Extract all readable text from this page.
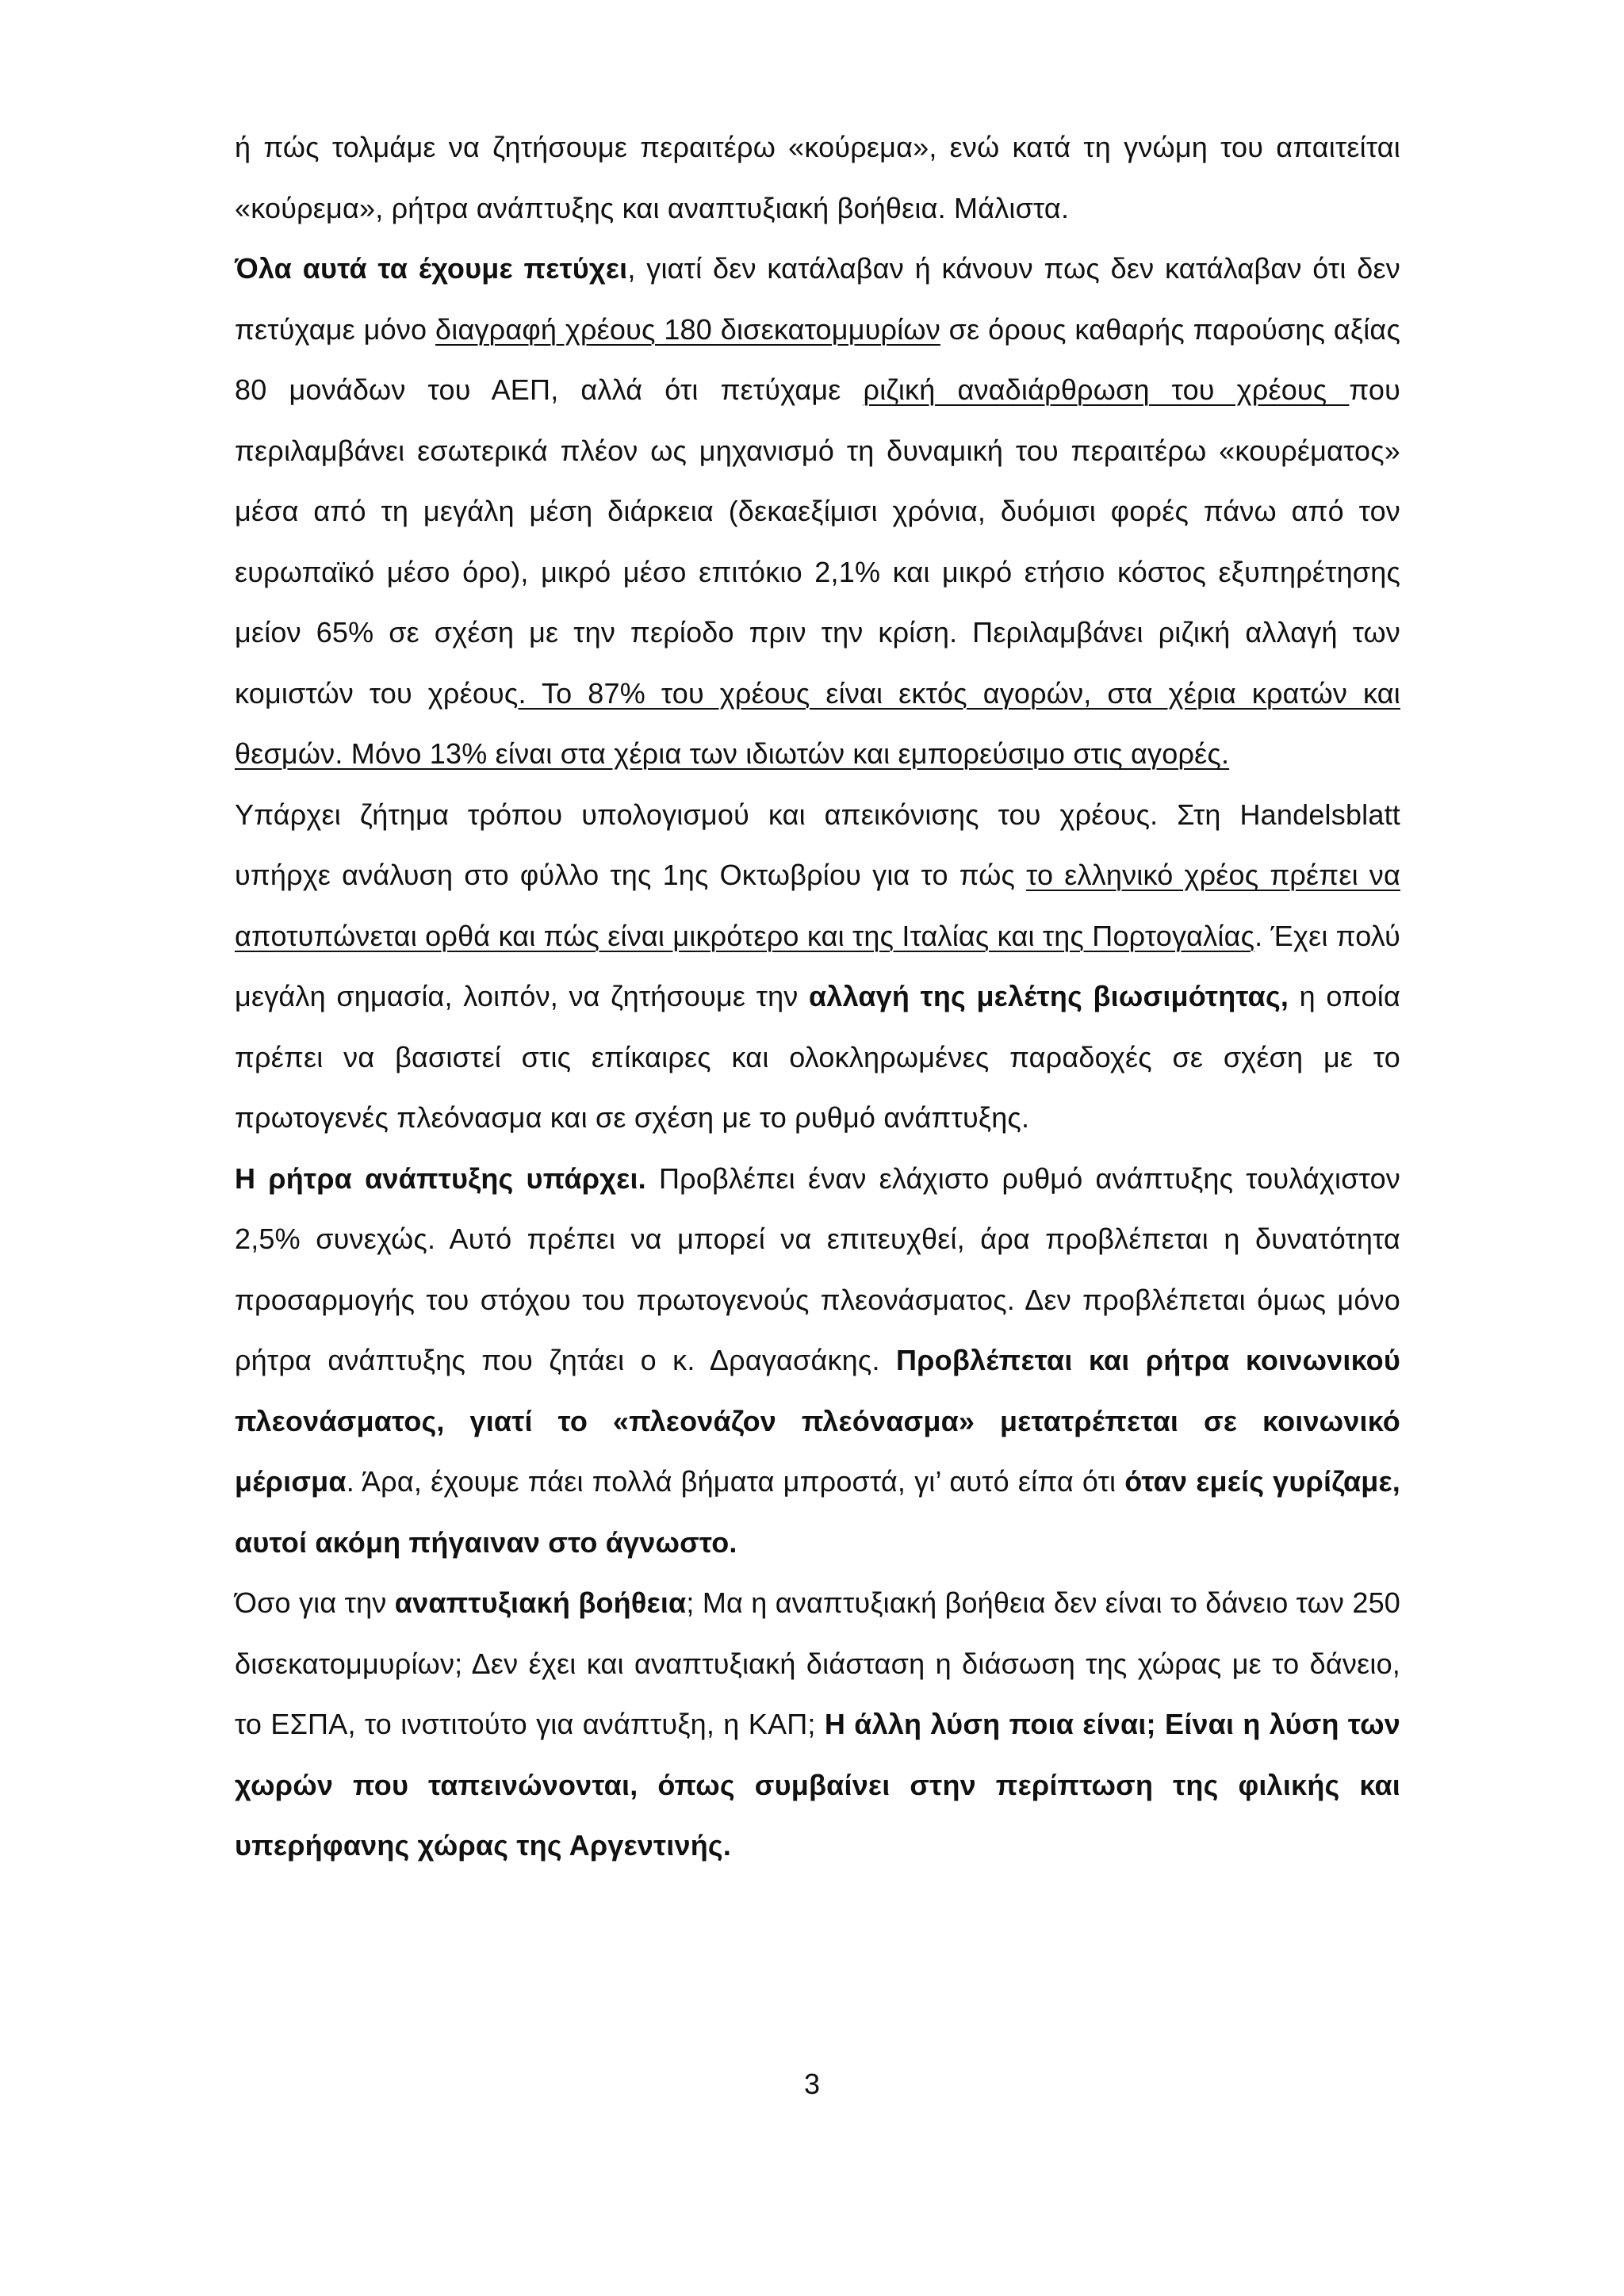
ή πώς τολμάμε να ζητήσουμε περαιτέρω «κούρεμα», ενώ κατά τη γνώμη του απαιτείται «κούρεμα», ρήτρα ανάπτυξης και αναπτυξιακή βοήθεια. Μάλιστα.

Όλα αυτά τα έχουμε πετύχει, γιατί δεν κατάλαβαν ή κάνουν πως δεν κατάλαβαν ότι δεν πετύχαμε μόνο διαγραφή χρέους 180 δισεκατομμυρίων σε όρους καθαρής παρούσης αξίας 80 μονάδων του ΑΕΠ, αλλά ότι πετύχαμε ριζική αναδιάρθρωση του χρέους που περιλαμβάνει εσωτερικά πλέον ως μηχανισμό τη δυναμική του περαιτέρω «κουρέματος» μέσα από τη μεγάλη μέση διάρκεια (δεκαεξίμισι χρόνια, δυόμισι φορές πάνω από τον ευρωπαϊκό μέσο όρο), μικρό μέσο επιτόκιο 2,1% και μικρό ετήσιο κόστος εξυπηρέτησης μείον 65% σε σχέση με την περίοδο πριν την κρίση. Περιλαμβάνει ριζική αλλαγή των κομιστών του χρέους. Το 87% του χρέους είναι εκτός αγορών, στα χέρια κρατών και θεσμών. Μόνο 13% είναι στα χέρια των ιδιωτών και εμπορεύσιμο στις αγορές.

Υπάρχει ζήτημα τρόπου υπολογισμού και απεικόνισης του χρέους. Στη Handelsblatt υπήρχε ανάλυση στο φύλλο της 1ης Οκτωβρίου για το πώς το ελληνικό χρέος πρέπει να αποτυπώνεται ορθά και πώς είναι μικρότερο και της Ιταλίας και της Πορτογαλίας. Έχει πολύ μεγάλη σημασία, λοιπόν, να ζητήσουμε την αλλαγή της μελέτης βιωσιμότητας, η οποία πρέπει να βασιστεί στις επίκαιρες και ολοκληρωμένες παραδοχές σε σχέση με το πρωτογενές πλεόνασμα και σε σχέση με το ρυθμό ανάπτυξης.

Η ρήτρα ανάπτυξης υπάρχει. Προβλέπει έναν ελάχιστο ρυθμό ανάπτυξης τουλάχιστον 2,5% συνεχώς. Αυτό πρέπει να μπορεί να επιτευχθεί, άρα προβλέπεται η δυνατότητα προσαρμογής του στόχου του πρωτογενούς πλεονάσματος. Δεν προβλέπεται όμως μόνο ρήτρα ανάπτυξης που ζητάει ο κ. Δραγασάκης. Προβλέπεται και ρήτρα κοινωνικού πλεονάσματος, γιατί το «πλεονάζον πλεόνασμα» μετατρέπεται σε κοινωνικό μέρισμα. Άρα, έχουμε πάει πολλά βήματα μπροστά, γι’ αυτό είπα ότι όταν εμείς γυρίζαμε, αυτοί ακόμη πήγαιναν στο άγνωστο.

Όσο για την αναπτυξιακή βοήθεια; Μα η αναπτυξιακή βοήθεια δεν είναι το δάνειο των 250 δισεκατομμυρίων; Δεν έχει και αναπτυξιακή διάσταση η διάσωση της χώρας με το δάνειο, το ΕΣΠΑ, το ινστιτούτο για ανάπτυξη, η ΚΑΠ; Η άλλη λύση ποια είναι; Είναι η λύση των χωρών που ταπεινώνονται, όπως συμβαίνει στην περίπτωση της φιλικής και υπερήφανης χώρας της Αργεντινής.

3
